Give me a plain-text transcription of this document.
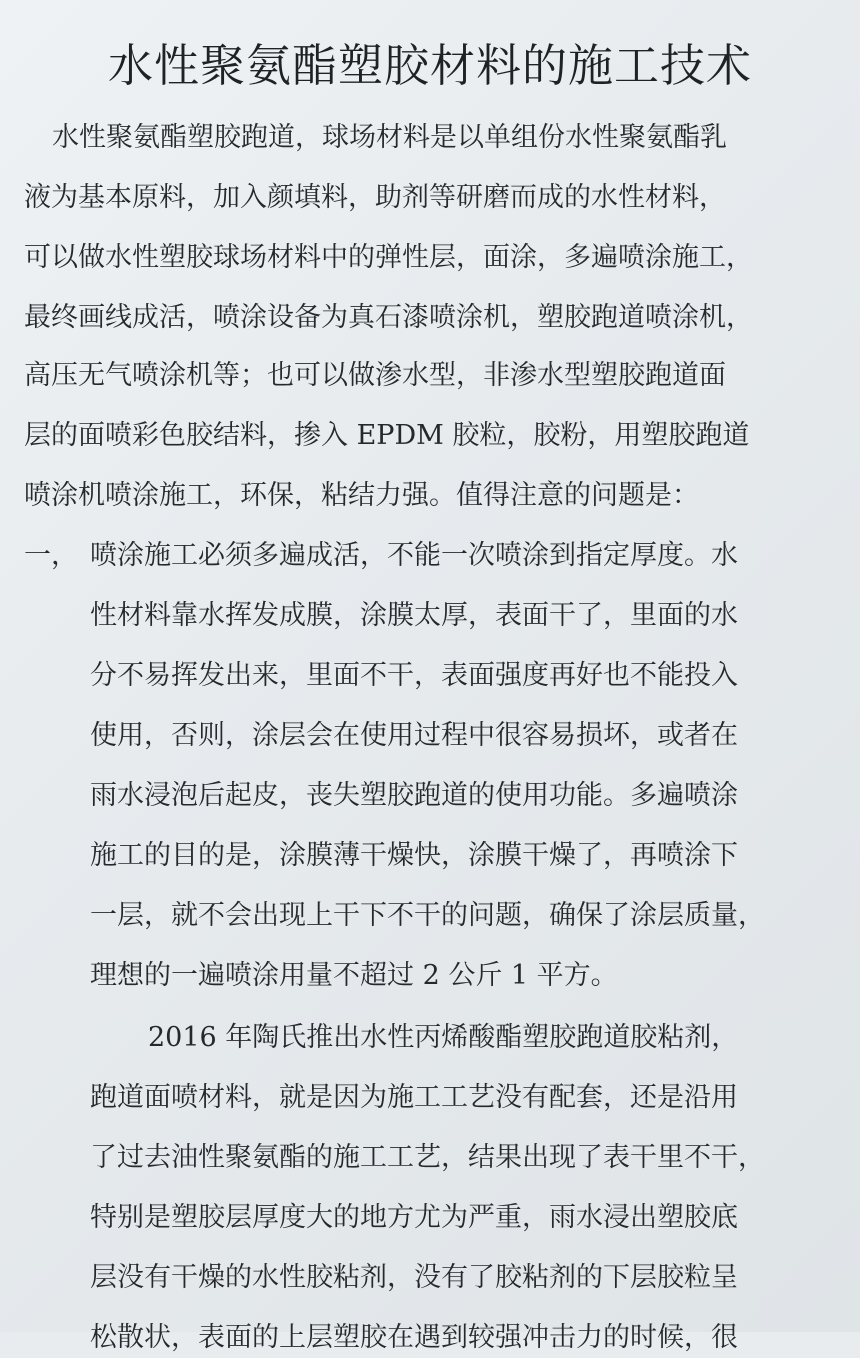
水性聚氨酯塑胶材料的施工技术
水性聚氨酯塑胶跑道，球场材料是以单组份水性聚氨酯乳
液为基本原料，加入颜填料，助剂等研磨而成的水性材料，
可以做水性塑胶球场材料中的弹性层，面涂，多遍喷涂施工，
最终画线成活，喷涂设备为真石漆喷涂机，塑胶跑道喷涂机，
高压无气喷涂机等；也可以做渗水型，非渗水型塑胶跑道面
层的面喷彩色胶结料，掺入 EPDM 胶粒，胶粉，用塑胶跑道
喷涂机喷涂施工，环保，粘结力强。值得注意的问题是：
一， 喷涂施工必须多遍成活，不能一次喷涂到指定厚度。水
性材料靠水挥发成膜，涂膜太厚，表面干了，里面的水
分不易挥发出来，里面不干，表面强度再好也不能投入
使用，否则，涂层会在使用过程中很容易损坏，或者在
雨水浸泡后起皮，丧失塑胶跑道的使用功能。多遍喷涂
施工的目的是，涂膜薄干燥快，涂膜干燥了，再喷涂下
一层，就不会出现上干下不干的问题，确保了涂层质量，
理想的一遍喷涂用量不超过 2 公斤 1 平方。
2016 年陶氏推出水性丙烯酸酯塑胶跑道胶粘剂，
跑道面喷材料，就是因为施工工艺没有配套，还是沿用
了过去油性聚氨酯的施工工艺，结果出现了表干里不干，
特别是塑胶层厚度大的地方尤为严重，雨水浸出塑胶底
层没有干燥的水性胶粘剂，没有了胶粘剂的下层胶粒呈
松散状，表面的上层塑胶在遇到较强冲击力的时候，很
